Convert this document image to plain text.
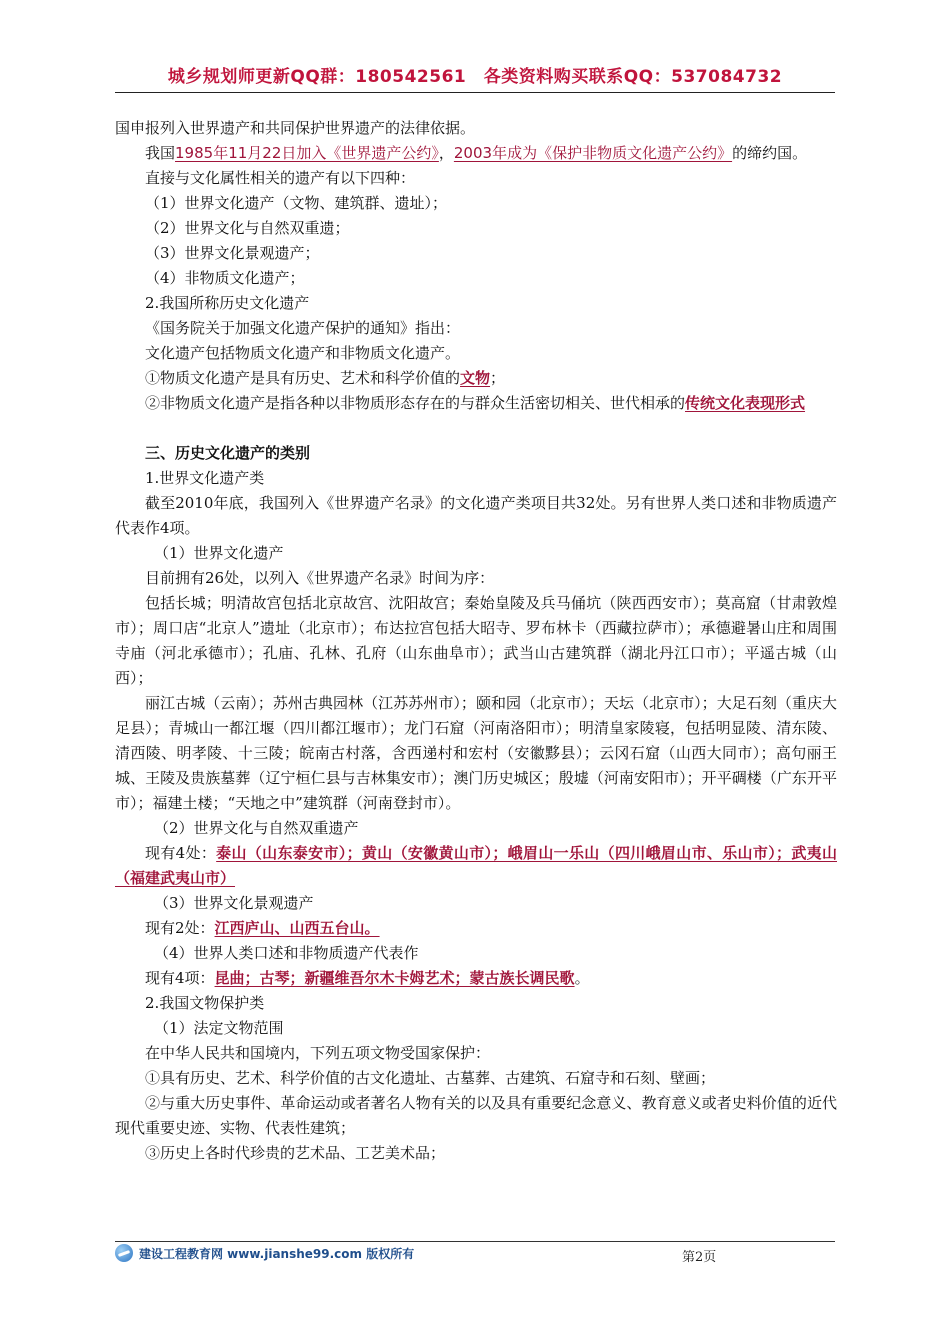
城乡规划师更新QQ群：180542561　各类资料购买联系QQ：537084732

国申报列入世界遗产和共同保护世界遗产的法律依据。

我国1985年11月22日加入《世界遗产公约》，2003年成为《保护非物质文化遗产公约》的缔约国。

直接与文化属性相关的遗产有以下四种：

（1）世界文化遗产（文物、建筑群、遗址）；

（2）世界文化与自然双重遗；

（3）世界文化景观遗产；

（4）非物质文化遗产；

2.我国所称历史文化遗产

《国务院关于加强文化遗产保护的通知》指出：

文化遗产包括物质文化遗产和非物质文化遗产。

①物质文化遗产是具有历史、艺术和科学价值的文物；

②非物质文化遗产是指各种以非物质形态存在的与群众生活密切相关、世代相承的传统文化表现形式

三、历史文化遗产的类别

1.世界文化遗产类

截至2010年底，我国列入《世界遗产名录》的文化遗产类项目共32处。另有世界人类口述和非物质遗产代表作4项。

（1）世界文化遗产

目前拥有26处，以列入《世界遗产名录》时间为序：

包括长城；明清故宫包括北京故宫、沈阳故宫；秦始皇陵及兵马俑坑（陕西西安市）；莫高窟（甘肃敦煌市）；周口店“北京人”遗址（北京市）；布达拉宫包括大昭寺、罗布林卡（西藏拉萨市）；承德避暑山庄和周围寺庙（河北承德市）；孔庙、孔林、孔府（山东曲阜市）；武当山古建筑群（湖北丹江口市）；平遥古城（山西）；

丽江古城（云南）；苏州古典园林（江苏苏州市）；颐和园（北京市）；天坛（北京市）；大足石刻（重庆大足县）；青城山一都江堰（四川都江堰市）；龙门石窟（河南洛阳市）；明清皇家陵寝，包括明显陵、清东陵、清西陵、明孝陵、十三陵；皖南古村落，含西递村和宏村（安徽黟县）；云冈石窟（山西大同市）；高句丽王城、王陵及贵族墓葬（辽宁桓仁县与吉林集安市）；澳门历史城区；殷墟（河南安阳市）；开平碉楼（广东开平市）；福建土楼；“天地之中”建筑群（河南登封市）。

（2）世界文化与自然双重遗产

现有4处：泰山（山东泰安市）；黄山（安徽黄山市）；峨眉山一乐山（四川峨眉山市、乐山市）；武夷山（福建武夷山市）

（3）世界文化景观遗产

现有2处：江西庐山、山西五台山。

（4）世界人类口述和非物质遗产代表作

现有4项：昆曲；古琴；新疆维吾尔木卡姆艺术；蒙古族长调民歌。

2.我国文物保护类

（1）法定文物范围

在中华人民共和国境内，下列五项文物受国家保护：

①具有历史、艺术、科学价值的古文化遗址、古墓葬、古建筑、石窟寺和石刻、壁画；

②与重大历史事件、革命运动或者著名人物有关的以及具有重要纪念意义、教育意义或者史料价值的近代现代重要史迹、实物、代表性建筑；

③历史上各时代珍贵的艺术品、工艺美术品；

建设工程教育网 www.jianshe99.com 版权所有	第2页
